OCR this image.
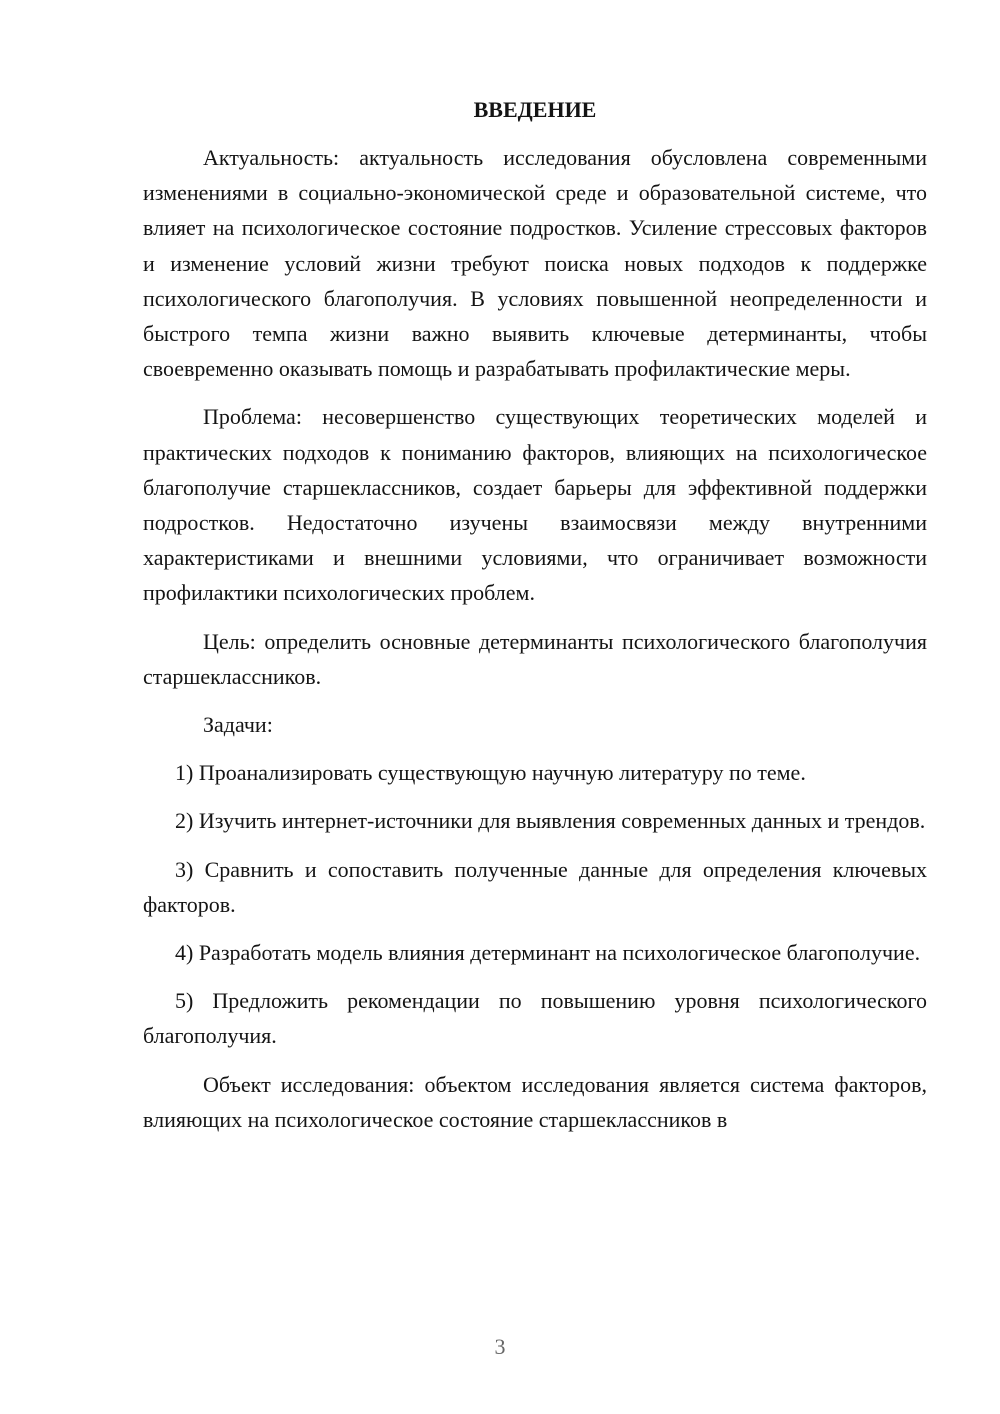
ВВЕДЕНИЕ

Актуальность: актуальность исследования обусловлена современными изменениями в социально-экономической среде и образовательной системе, что влияет на психологическое состояние подростков. Усиление стрессовых факторов и изменение условий жизни требуют поиска новых подходов к поддержке психологического благополучия. В условиях повышенной неопределенности и быстрого темпа жизни важно выявить ключевые детерминанты, чтобы своевременно оказывать помощь и разрабатывать профилактические меры.

Проблема: несовершенство существующих теоретических моделей и практических подходов к пониманию факторов, влияющих на психологическое благополучие старшеклассников, создает барьеры для эффективной поддержки подростков. Недостаточно изучены взаимосвязи между внутренними характеристиками и внешними условиями, что ограничивает возможности профилактики психологических проблем.

Цель: определить основные детерминанты психологического благополучия старшеклассников.

Задачи:

1) Проанализировать существующую научную литературу по теме.

2) Изучить интернет-источники для выявления современных данных и трендов.

3) Сравнить и сопоставить полученные данные для определения ключевых факторов.

4) Разработать модель влияния детерминант на психологическое благополучие.

5) Предложить рекомендации по повышению уровня психологического благополучия.

Объект исследования: объектом исследования является система факторов, влияющих на психологическое состояние старшеклассников в

3
